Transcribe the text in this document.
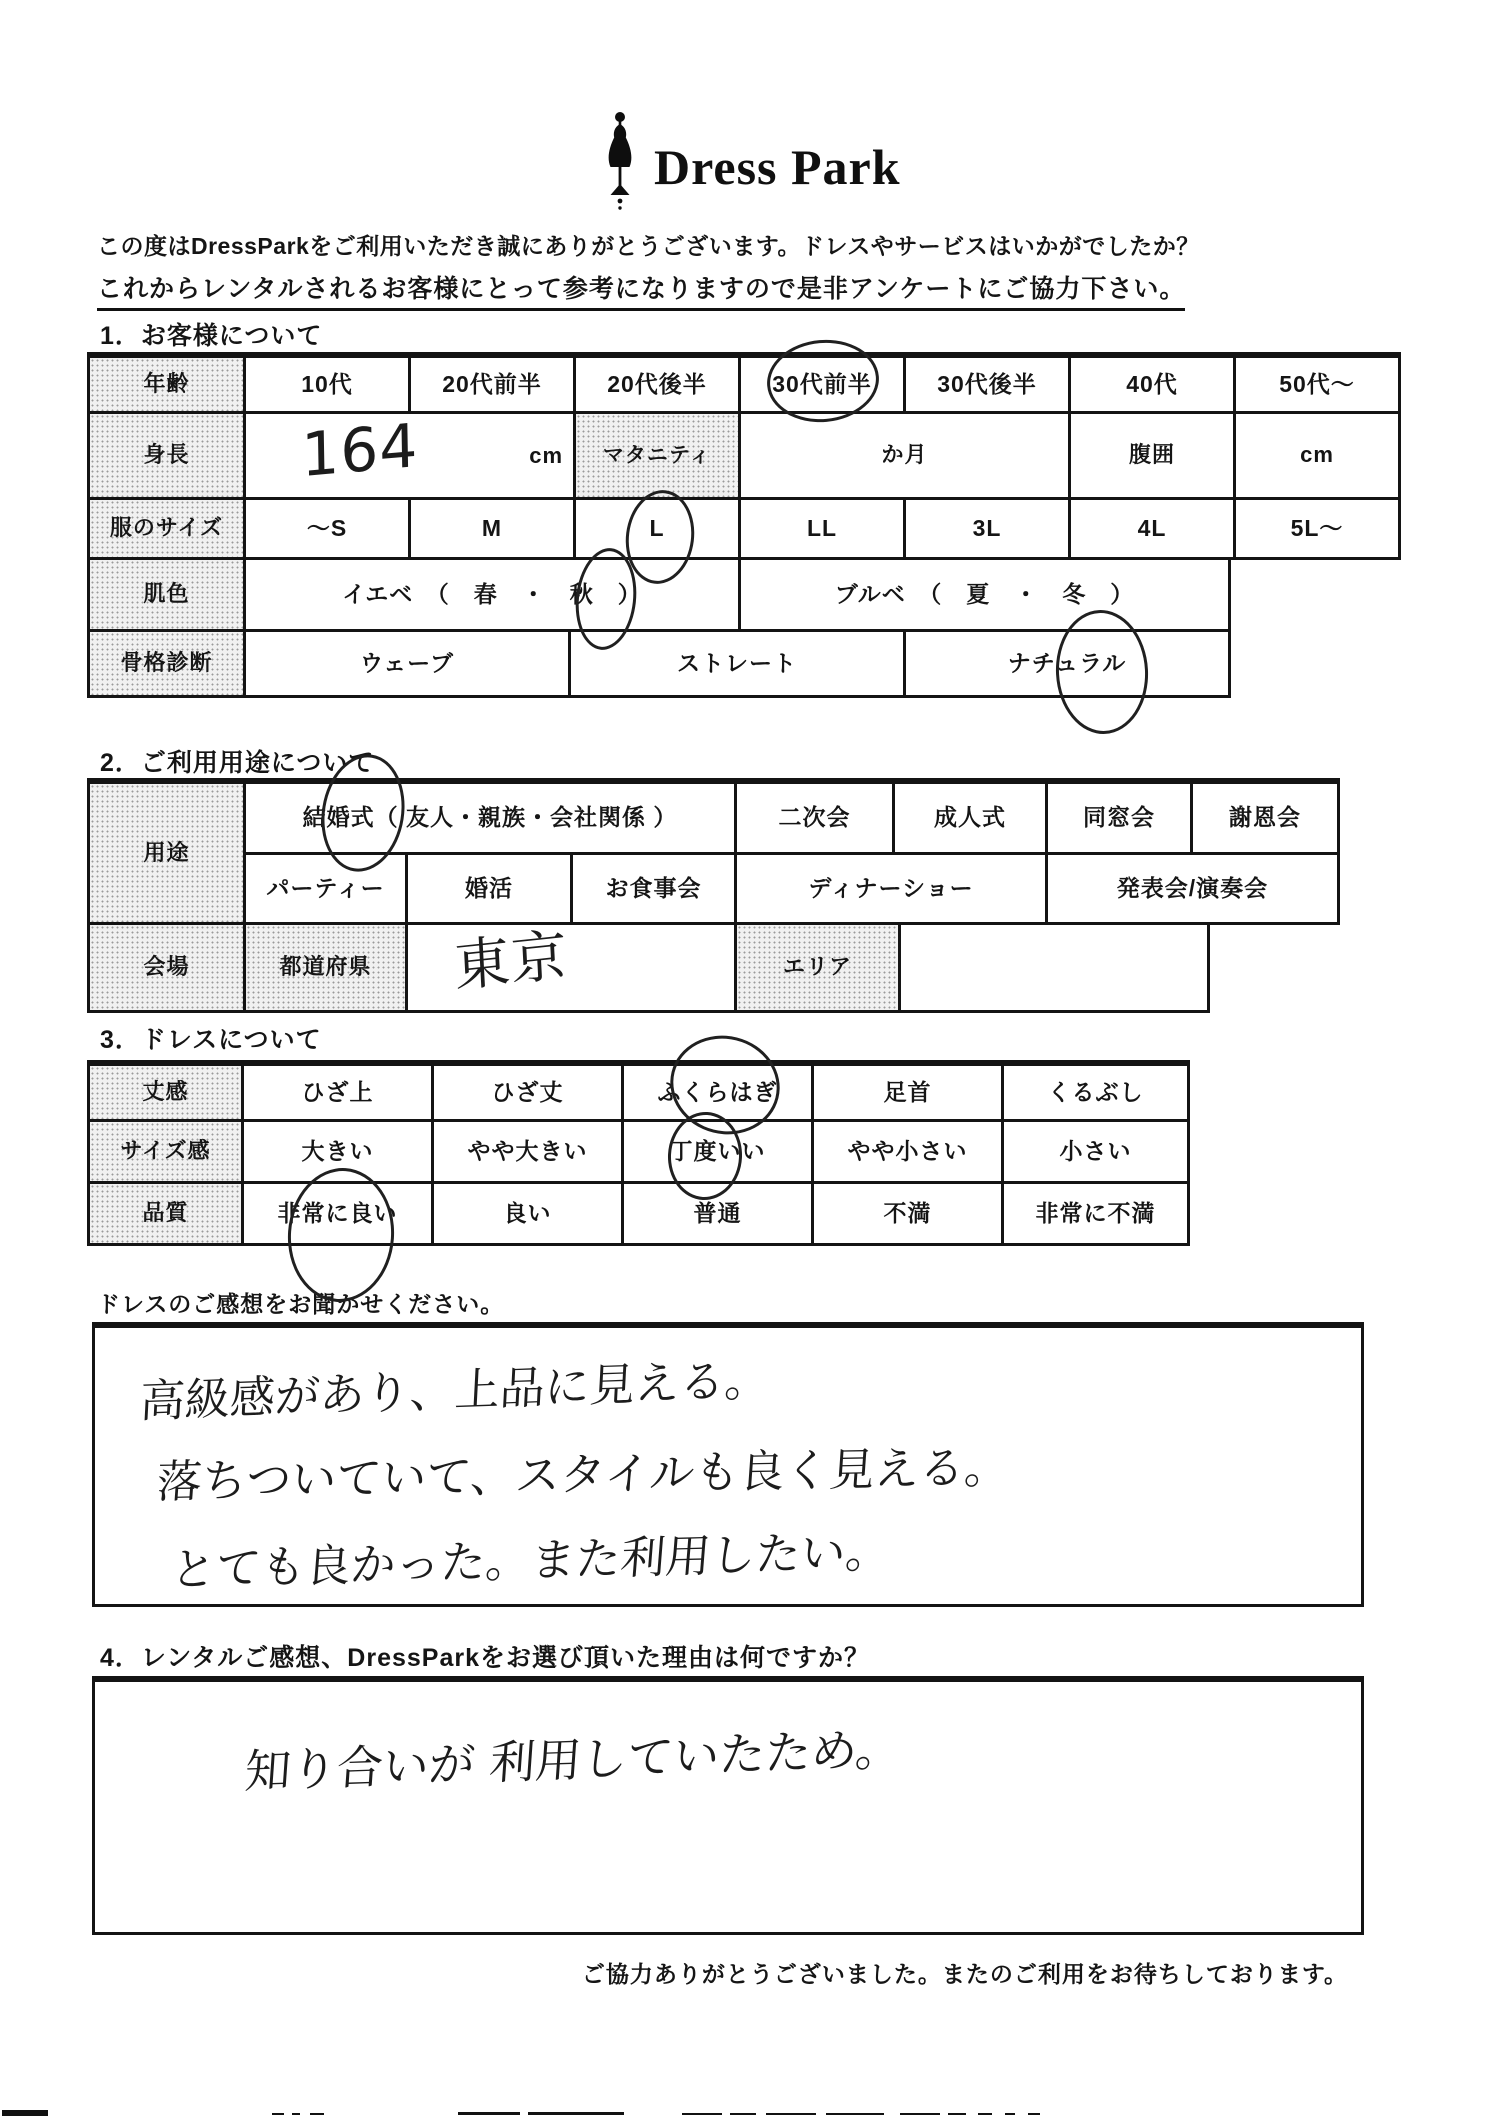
Dress Park

この度はDressParkをご利用いただき誠にありがとうございます。ドレスやサービスはいかがでしたか？

これからレンタルされるお客様にとって参考になりますので是非アンケートにご協力下さい。

1．お客様について
年齢	10代	20代前半	20代後半	30代前半	30代後半	40代	50代～
身長 164	cm マタニティ	か月	腹囲	cm
服のサイズ	～S	M	L	LL	3L	4L	5L～
肌色	イエベ　（　春　・　秋　）	ブルベ　（　夏　・　冬　）
骨格診断	ウェーブ	ストレート	ナチュラル
2．ご利用用途について
用途
結婚式（ 友人・親族・会社関係 ）	二次会	成人式	同窓会	謝恩会
パーティー	婚活	お食事会	ディナーショー	発表会/演奏会
会場	都道府県 東京	エリア
3．ドレスについて
丈感	ひざ上	ひざ丈	ふくらはぎ	足首	くるぶし
サイズ感	大きい	やや大きい	丁度いい	やや小さい	小さい
品質	非常に良い	良い	普通	不満	非常に不満

ドレスのご感想をお聞かせください。

高級感があり、上品に見える。
落ちついていて、スタイルも良く見える。
とても良かった。また利用したい。
4．レンタルご感想、DressParkをお選び頂いた理由は何ですか？
知り合いが 利用していたため。

ご協力ありがとうございました。またのご利用をお待ちしております。
